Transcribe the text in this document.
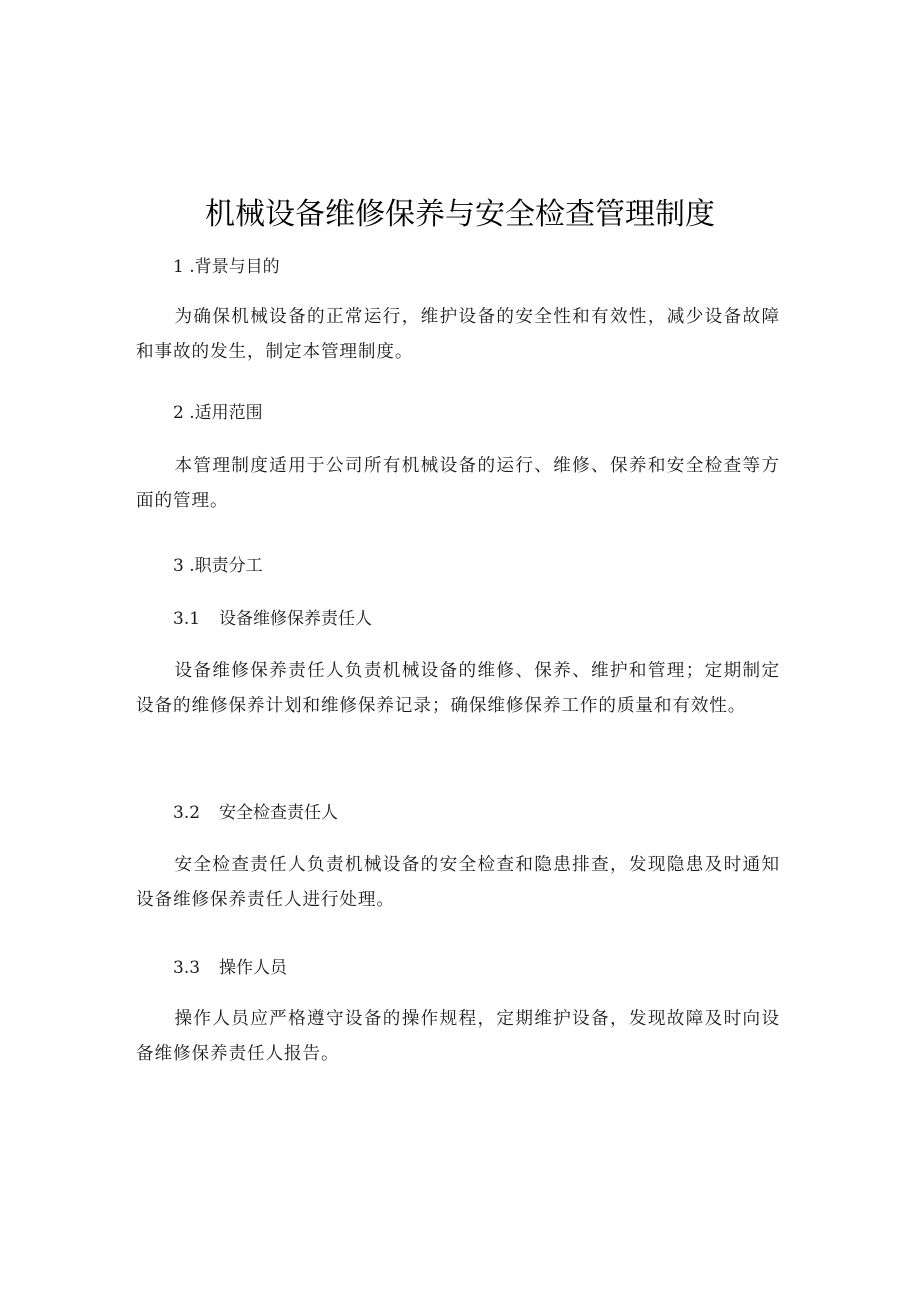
机械设备维修保养与安全检查管理制度
1 .背景与目的
为确保机械设备的正常运行，维护设备的安全性和有效性，减少设备故障和事故的发生，制定本管理制度。
2 .适用范围
本管理制度适用于公司所有机械设备的运行、维修、保养和安全检查等方面的管理。
3 .职责分工
3.1 设备维修保养责任人
设备维修保养责任人负责机械设备的维修、保养、维护和管理；定期制定设备的维修保养计划和维修保养记录；确保维修保养工作的质量和有效性。
3.2 安全检查责任人
安全检查责任人负责机械设备的安全检查和隐患排查，发现隐患及时通知设备维修保养责任人进行处理。
3.3 操作人员
操作人员应严格遵守设备的操作规程，定期维护设备，发现故障及时向设备维修保养责任人报告。
